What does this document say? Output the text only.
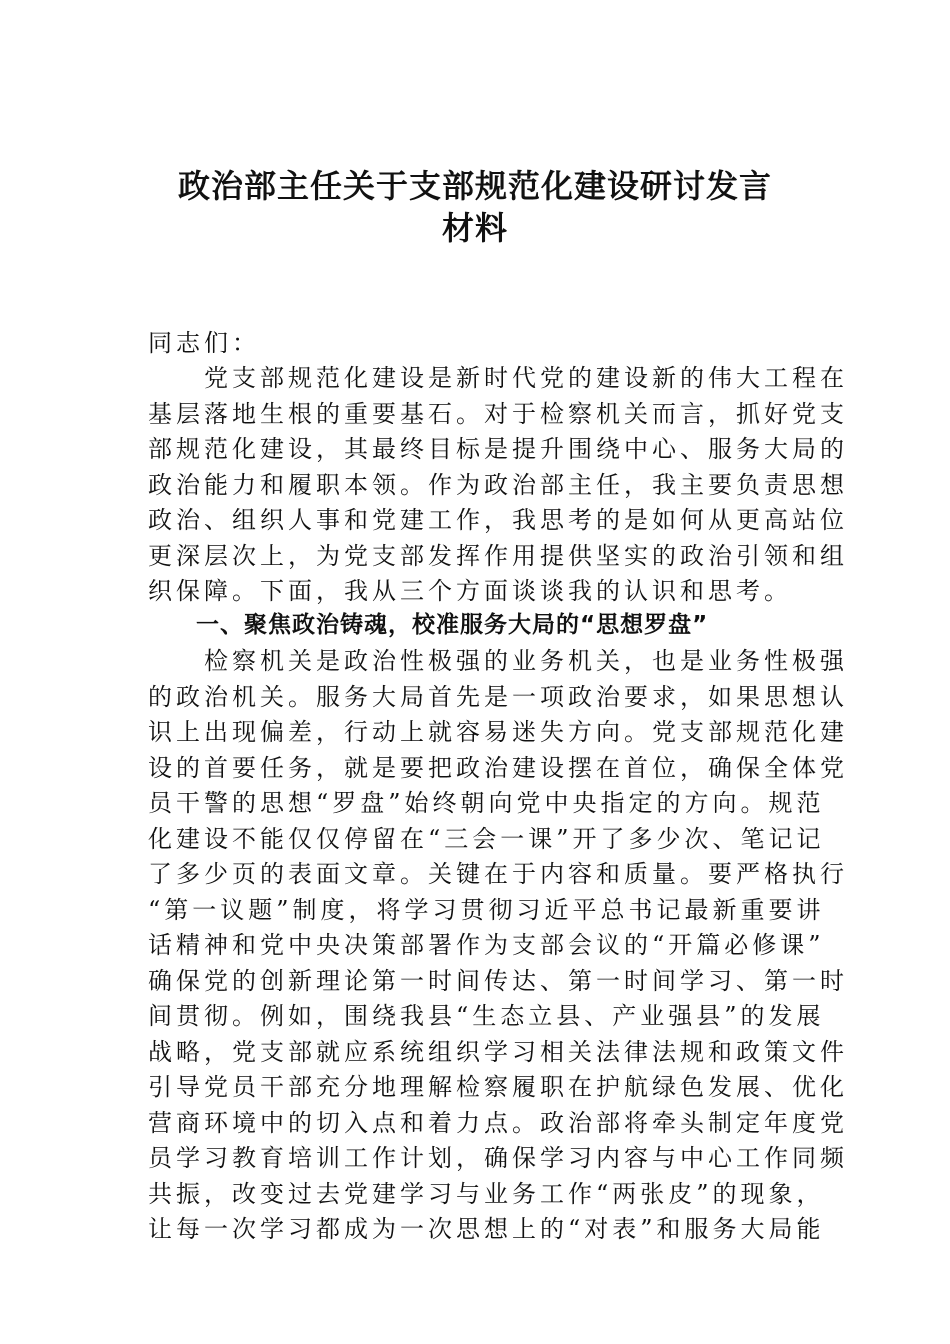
政治部主任关于支部规范化建设研讨发言
材料
同志们：
　　党支部规范化建设是新时代党的建设新的伟大工程在
基层落地生根的重要基石。对于检察机关而言，抓好党支
部规范化建设，其最终目标是提升围绕中心、服务大局的
政治能力和履职本领。作为政治部主任，我主要负责思想
政治、组织人事和党建工作，我思考的是如何从更高站位
更深层次上，为党支部发挥作用提供坚实的政治引领和组
织保障。下面，我从三个方面谈谈我的认识和思考。
一、聚焦政治铸魂，校准服务大局的“思想罗盘”
　　检察机关是政治性极强的业务机关，也是业务性极强
的政治机关。服务大局首先是一项政治要求，如果思想认
识上出现偏差，行动上就容易迷失方向。党支部规范化建
设的首要任务，就是要把政治建设摆在首位，确保全体党
员干警的思想“罗盘”始终朝向党中央指定的方向。规范
化建设不能仅仅停留在“三会一课”开了多少次、笔记记
了多少页的表面文章。关键在于内容和质量。要严格执行
“第一议题”制度，将学习贯彻习近平总书记最新重要讲
话精神和党中央决策部署作为支部会议的“开篇必修课”
确保党的创新理论第一时间传达、第一时间学习、第一时
间贯彻。例如，围绕我县“生态立县、产业强县”的发展
战略，党支部就应系统组织学习相关法律法规和政策文件
引导党员干部充分地理解检察履职在护航绿色发展、优化
营商环境中的切入点和着力点。政治部将牵头制定年度党
员学习教育培训工作计划，确保学习内容与中心工作同频
共振，改变过去党建学习与业务工作“两张皮”的现象，
让每一次学习都成为一次思想上的“对表”和服务大局能
